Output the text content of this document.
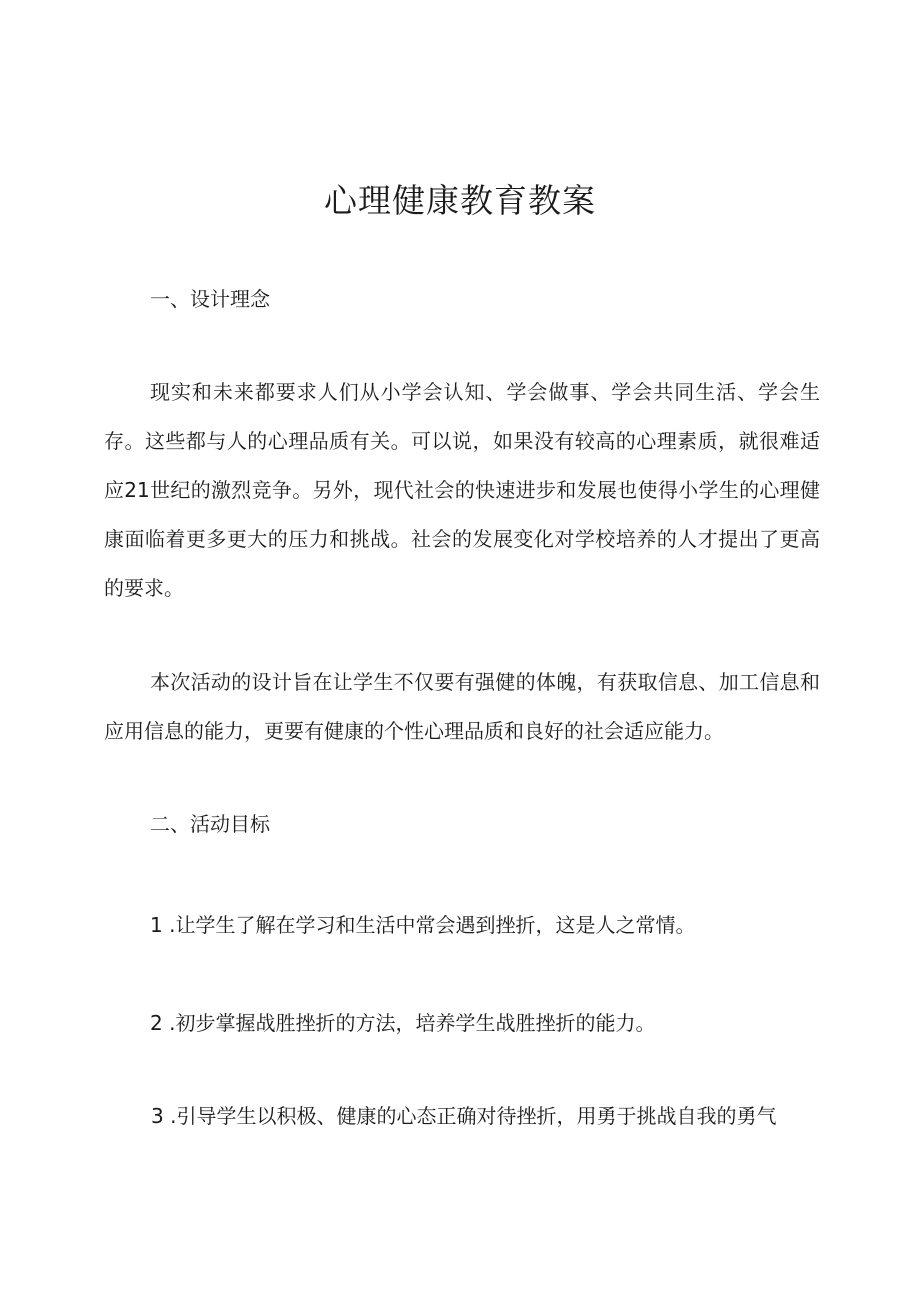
心理健康教育教案
一、设计理念

现实和未来都要求人们从小学会认知、学会做事、学会共同生活、学会生存。这些都与人的心理品质有关。可以说，如果没有较高的心理素质，就很难适应21世纪的激烈竞争。另外，现代社会的快速进步和发展也使得小学生的心理健康面临着更多更大的压力和挑战。社会的发展变化对学校培养的人才提出了更高的要求。

本次活动的设计旨在让学生不仅要有强健的体魄，有获取信息、加工信息和应用信息的能力，更要有健康的个性心理品质和良好的社会适应能力。

二、活动目标

1 .让学生了解在学习和生活中常会遇到挫折，这是人之常情。

2 .初步掌握战胜挫折的方法，培养学生战胜挫折的能力。

3 .引导学生以积极、健康的心态正确对待挫折，用勇于挑战自我的勇气
